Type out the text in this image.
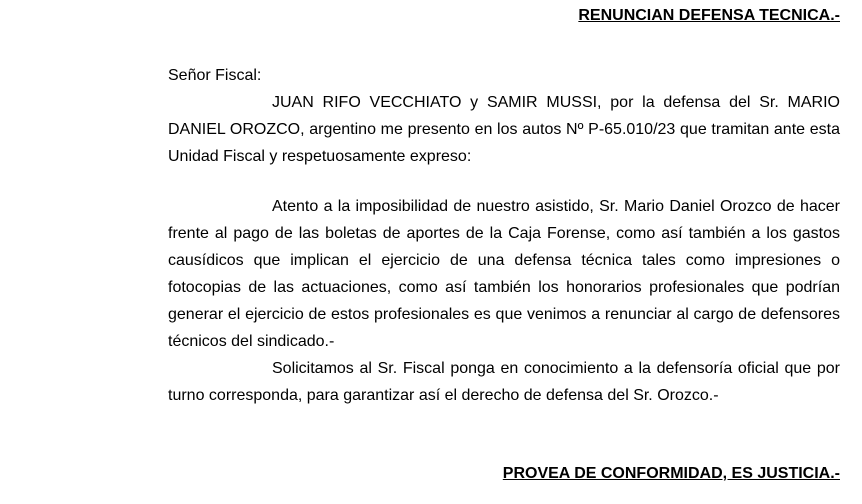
RENUNCIAN DEFENSA TECNICA.-
Señor Fiscal:

JUAN RIFO VECCHIATO y SAMIR MUSSI, por la defensa del Sr. MARIO DANIEL OROZCO, argentino me presento en los autos Nº P-65.010/23 que tramitan ante esta Unidad Fiscal y respetuosamente expreso:

Atento a la imposibilidad de nuestro asistido, Sr. Mario Daniel Orozco de hacer frente al pago de las boletas de aportes de la Caja Forense, como así también a los gastos causídicos que implican el ejercicio de una defensa técnica tales como impresiones o fotocopias de las actuaciones, como así también los honorarios profesionales que podrían generar el ejercicio de estos profesionales es que venimos a renunciar al cargo de defensores técnicos del sindicado.-

Solicitamos al Sr. Fiscal ponga en conocimiento a la defensoría oficial que por turno corresponda, para garantizar así el derecho de defensa del Sr. Orozco.-

PROVEA DE CONFORMIDAD, ES JUSTICIA.-
